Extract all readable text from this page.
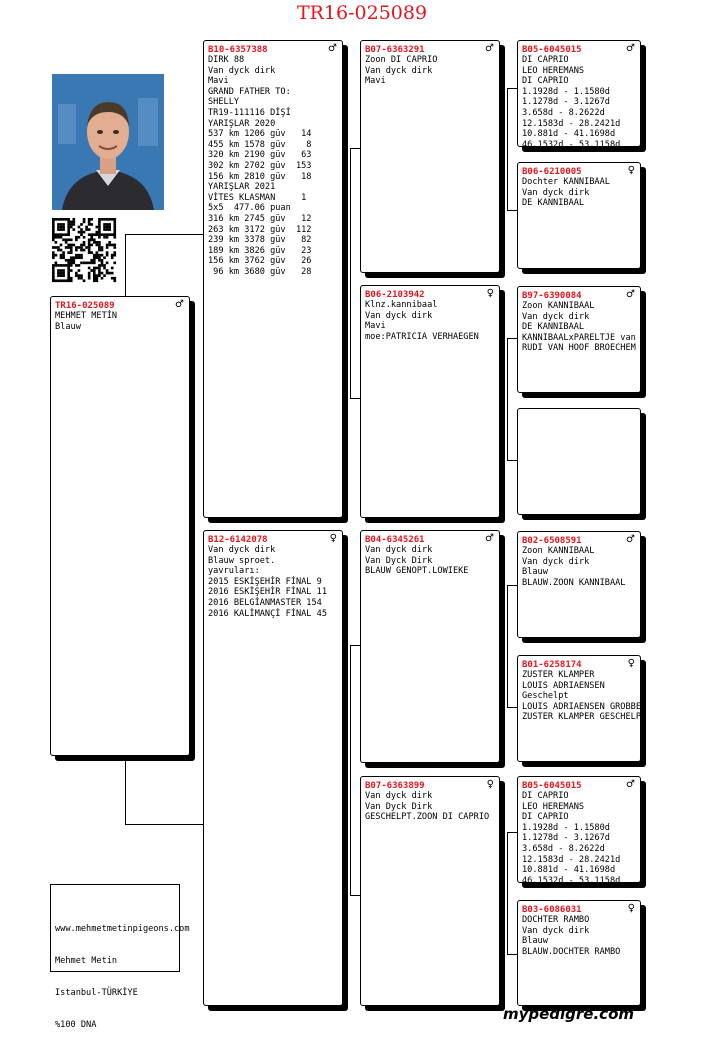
TR16-025089
TR16-025089	♂
MEHMET METİN
Blauw
B10-6357388	♂
DIRK 88
Van dyck dirk
Mavi
GRAND FATHER TO:
SHELLY
TR19-111116 DİŞİ
YARIŞLAR 2020
537 km 1206 güv   14
455 km 1578 güv    8
320 km 2190 güv   63
302 km 2702 güv  153
156 km 2810 güv   18
YARIŞLAR 2021
VİTES KLASMAN     1
5x5  477.06 puan
316 km 2745 güv   12
263 km 3172 güv  112
239 km 3378 güv   82
189 km 3826 güv   23
156 km 3762 güv   26
96 km 3680 güv   28
B12-6142078	♀
Van dyck dirk
Blauw sproet.
yavruları:
2015 ESKİŞEHİR FİNAL 9
2016 ESKİŞEHİR FİNAL 11
2016 BELGİANMASTER 154
2016 KALİMANÇİ FİNAL 45
B07-6363291	♂
Zoon DI CAPRIO
Van dyck dirk
Mavi
B06-2103942	♀
Klnz.kannibaal
Van dyck dirk
Mavi
moe:PATRICIA VERHAEGEN
B04-6345261	♂
Van dyck dirk
Van Dyck Dirk
BLAUW GENOPT.LOWIEKE
B07-6363899	♀
Van dyck dirk
Van Dyck Dirk
GESCHELPT.ZOON DI CAPRIO
B05-6045015	♂
DI CAPRIO
LEO HEREMANS
DI CAPRIO
1.1928d - 1.1580d
1.1278d - 3.1267d
3.658d - 8.2622d
12.1583d - 28.2421d
10.881d - 41.1698d
46.1532d - 53.1158d
B06-6210005	♀
Dochter KANNIBAAL
Van dyck dirk
DE KANNIBAAL
B97-6390084	♂
Zoon KANNIBAAL
Van dyck dirk
DE KANNIBAAL
KANNIBAALxPARELTJE van
RUDI VAN HOOF BROECHEM
B02-6508591	♂
Zoon KANNIBAAL
Van dyck dirk
Blauw
BLAUW.ZOON KANNIBAAL
B01-6258174	♀
ZUSTER KLAMPER
LOUIS ADRIAENSEN
Geschelpt
LOUIS ADRIAENSEN GROBBEN
ZUSTER KLAMPER GESCHELPT
B05-6045015	♂
DI CAPRIO
LEO HEREMANS
DI CAPRIO
1.1928d - 1.1580d
1.1278d - 3.1267d
3.658d - 8.2622d
12.1583d - 28.2421d
10.881d - 41.1698d
46.1532d - 53.1158d
B03-6086031	♀
DOCHTER RAMBO
Van dyck dirk
Blauw
BLAUW.DOCHTER RAMBO

www.mehmetmetinpigeons.com

Mehmet Metin

Istanbul-TÜRKİYE

%100 DNA

mypedigre.com
